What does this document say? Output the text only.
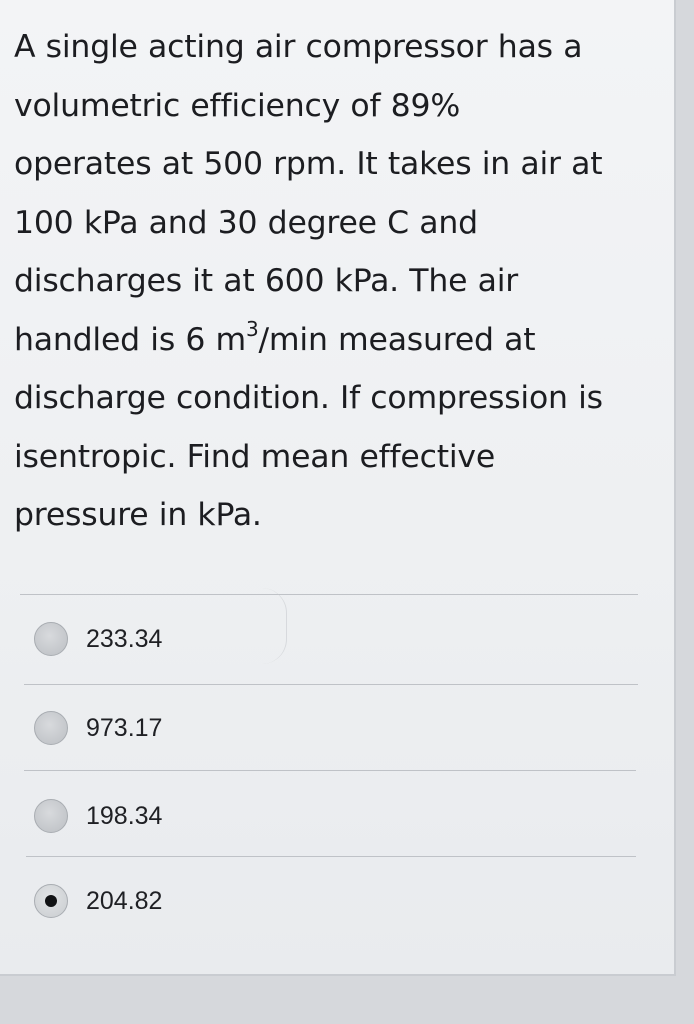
A single acting air compressor has a
volumetric efficiency of 89%
operates at 500 rpm. It takes in air at
100 kPa and 30 degree C and
discharges it at 600 kPa. The air
handled is 6 $m^3/\min$ measured at
discharge condition. If compression is
isentropic. Find mean effective
pressure in kPa.
233.34
973.17
198.34
204.82
